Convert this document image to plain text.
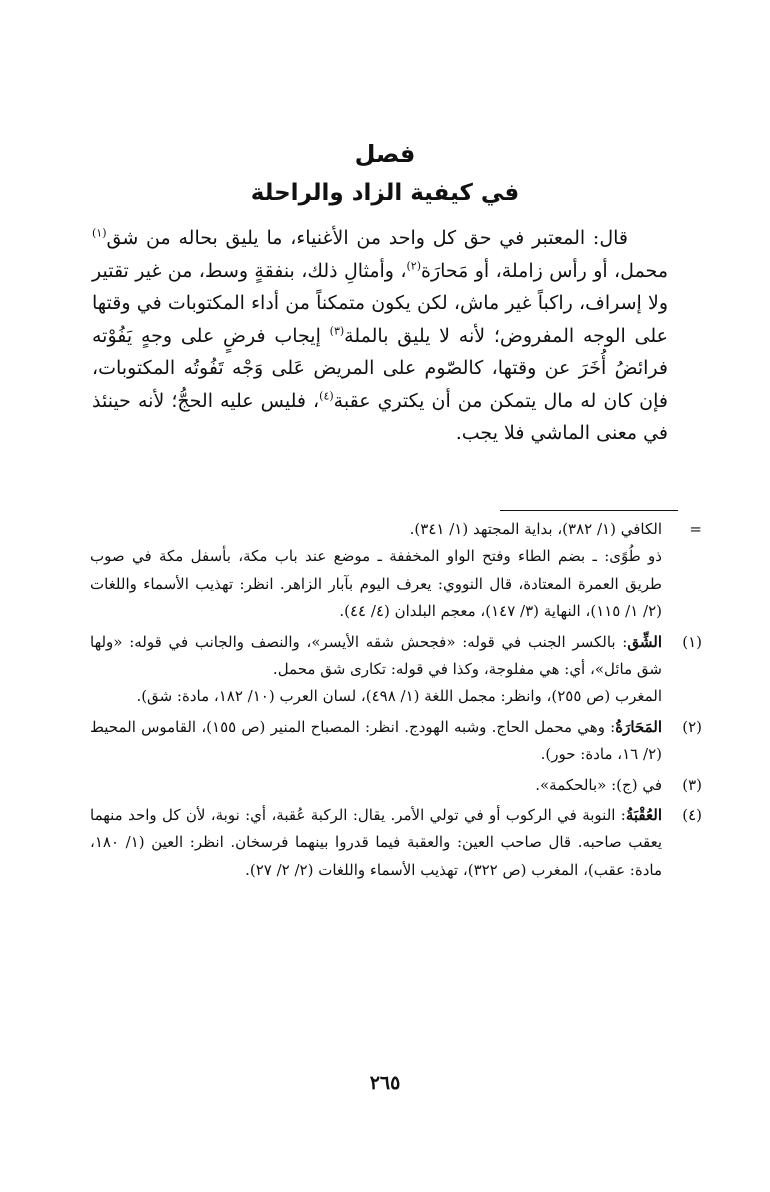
فصل
في كيفية الزاد والراحلة

قال: المعتبر في حق كل واحد من الأغنياء، ما يليق بحاله من شق$^{(١)}$ محمل، أو رأس زاملة، أو مَحارَة$^{(٢)}$، وأمثالِ ذلك، بنفقةٍ وسط، من غير تقتير ولا إسراف، راكباً غير ماش، لكن يكون متمكناً من أداء المكتوبات في وقتها على الوجه المفروض؛ لأنه لا يليق بالملة$^{(٣)}$ إيجاب فرضٍ على وجهٍ يَفُوْته فرائضُ أُخَرَ عن وقتها، كالصّوم على المريض عَلى وَجْه تَفُوتُه المكتوبات، فإن كان له مال يتمكن من أن يكتري عقبة$^{(٤)}$، فليس عليه الحجُّ؛ لأنه حينئذ في معنى الماشي فلا يجب.

=

الكافي (١/ ٣٨٢)، بداية المجتهد (١/ ٣٤١).

ذو طُوًى: ـ بضم الطاء وفتح الواو المخففة ـ موضع عند باب مكة، بأسفل مكة في صوب طريق العمرة المعتادة، قال النووي: يعرف اليوم بآبار الزاهر. انظر: تهذيب الأسماء واللغات (٢/ ١/ ١١٥)، النهاية (٣/ ١٤٧)، معجم البلدان (٤/ ٤٤).

(١)

الشِّق: بالكسر الجنب في قوله: «فجحش شقه الأيسر»، والنصف والجانب في قوله: «ولها شق مائل»، أي: هي مفلوجة، وكذا في قوله: تكارى شق محمل.

المغرب (ص ٢٥٥)، وانظر: مجمل اللغة (١/ ٤٩٨)، لسان العرب (١٠/ ١٨٢، مادة: شق).

(٢)

المَحَارَةُ: وهي محمل الحاج. وشبه الهودج. انظر: المصباح المنير (ص ١٥٥)، القاموس المحيط (٢/ ١٦، مادة: حور).

(٣)

في (ج): «بالحكمة».

(٤)

العُقْبَةُ: النوبة في الركوب أو في تولي الأمر. يقال: الركبة عُقبة، أي: نوبة، لأن كل واحد منهما يعقب صاحبه. قال صاحب العين: والعقبة فيما قدروا بينهما فرسخان. انظر: العين (١/ ١٨٠، مادة: عقب)، المغرب (ص ٣٢٢)، تهذيب الأسماء واللغات (٢/ ٢/ ٢٧).

٢٦٥
